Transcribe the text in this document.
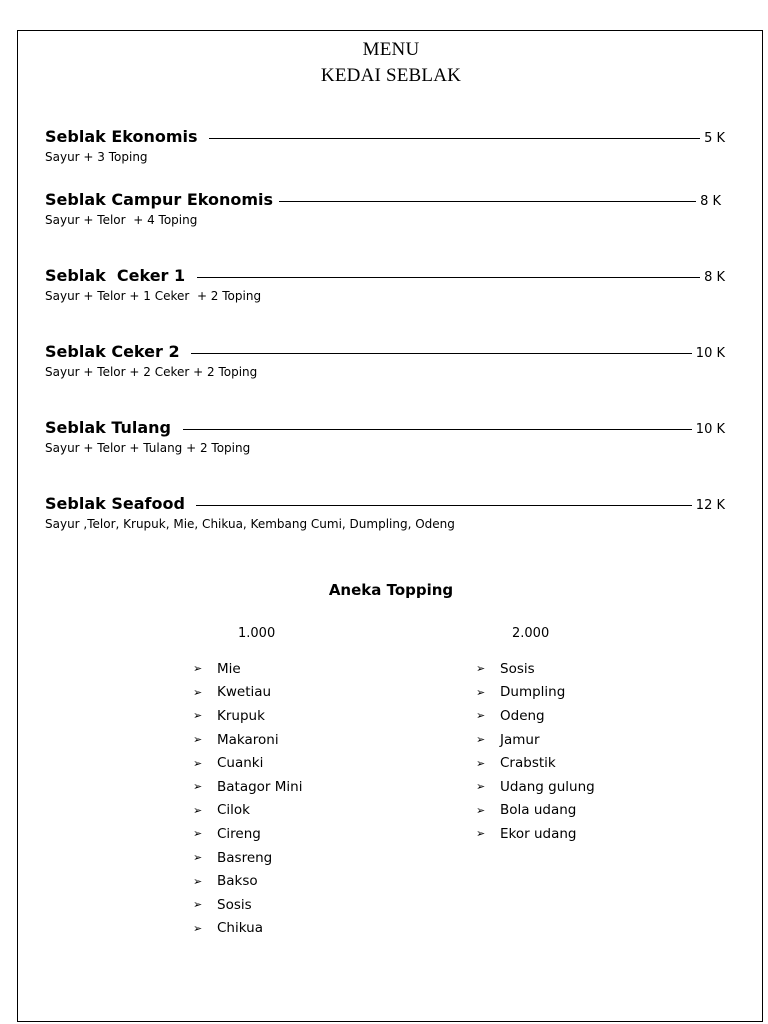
MENU
KEDAI SEBLAK
Seblak Ekonomis	5 K
Sayur + 3 Toping
Seblak Campur Ekonomis	8 K
Sayur + Telor  + 4 Toping
Seblak  Ceker 1	8 K
Sayur + Telor + 1 Ceker  + 2 Toping
Seblak Ceker 2	10 K
Sayur + Telor + 2 Ceker + 2 Toping
Seblak Tulang	10 K
Sayur + Telor + Tulang + 2 Toping
Seblak Seafood	12 K
Sayur ,Telor, Krupuk, Mie, Chikua, Kembang Cumi, Dumpling, Odeng
Aneka Topping
1.000	2.000
➢	Mie
➢	Kwetiau
➢	Krupuk
➢	Makaroni
➢	Cuanki
➢	Batagor Mini
➢	Cilok
➢	Cireng
➢	Basreng
➢	Bakso
➢	Sosis
➢	Chikua
➢	Sosis
➢	Dumpling
➢	Odeng
➢	Jamur
➢	Crabstik
➢	Udang gulung
➢	Bola udang
➢	Ekor udang
